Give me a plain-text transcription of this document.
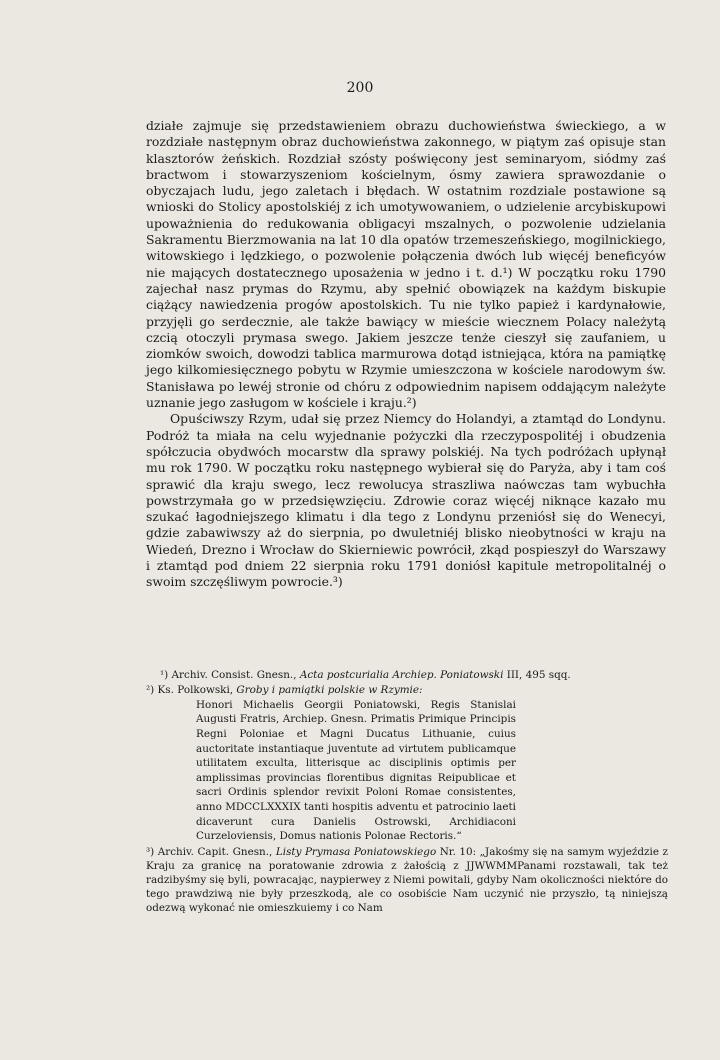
200

działe zajmuje się przedstawieniem obrazu duchowieństwa świeckiego, a w rozdziałe następnym obraz duchowieństwa zakonnego, w piątym zaś opisuje stan klasztorów żeńskich. Rozdział szósty poświęcony jest seminaryom, siódmy zaś bractwom i stowarzyszeniom kościelnym, ósmy zawiera sprawozdanie o obyczajach ludu, jego zaletach i błędach. W ostatnim rozdziale postawione są wnioski do Stolicy apostolskiéj z ich umotywowaniem, o udzielenie arcybiskupowi upoważnienia do redukowania obligacyi mszalnych, o pozwolenie udzielania Sakramentu Bierzmowania na lat 10 dla opatów trzemeszeńskiego, mogilnickiego, witowskiego i lędzkiego, o pozwolenie połączenia dwóch lub więcéj beneficyów nie mających dostatecznego uposażenia w jedno i t. d.¹) W początku roku 1790 zajechał nasz prymas do Rzymu, aby spełnić obowiązek na każdym biskupie ciążący nawiedzenia progów apostolskich. Tu nie tylko papież i kardynałowie, przyjęli go serdecznie, ale także bawiący w mieście wiecznem Polacy należytą czcią otoczyli prymasa swego. Jakiem jeszcze tenże cieszył się zaufaniem, u ziomków swoich, dowodzi tablica marmurowa dotąd istniejąca, która na pamiątkę jego kilkomiesięcznego pobytu w Rzymie umieszczona w kościele narodowym św. Stanisława po lewéj stronie od chóru z odpowiednim napisem oddającym należyte uznanie jego zasługom w kościele i kraju.²)

Opuściwszy Rzym, udał się przez Niemcy do Holandyi, a ztamtąd do Londynu. Podróż ta miała na celu wyjednanie pożyczki dla rzeczypospolitéj i obudzenia spółczucia obydwóch mocarstw dla sprawy polskiéj. Na tych podróżach upłynął mu rok 1790. W początku roku następnego wybierał się do Paryża, aby i tam coś sprawić dla kraju swego, lecz rewolucya straszliwa naówczas tam wybuchła powstrzymała go w przedsięwzięciu. Zdrowie coraz więcéj niknące kazało mu szukać łagodniejszego klimatu i dla tego z Londynu przeniósł się do Wenecyi, gdzie zabawiwszy aż do sierpnia, po dwuletniéj blisko nieobytności w kraju na Wiedeń, Drezno i Wrocław do Skierniewic powrócił, zkąd pospieszył do Warszawy i ztamtąd pod dniem 22 sierpnia roku 1791 doniósł kapitule metropolitalnéj o swoim szczęśliwym powrocie.³)

¹) Archiv. Consist. Gnesn., Acta postcurialia Archiep. Poniatowski III, 495 sqq.
²) Ks. Polkowski, Groby i pamiątki polskie w Rzymie:
Honori Michaelis Georgii Poniatowski, Regis Stanislai Augusti Fratris, Archiep. Gnesn. Primatis Primique Principis Regni Poloniae et Magni Ducatus Lithuanie, cuius auctoritate instantiaque juventute ad virtutem publicamque utilitatem exculta, litterisque ac disciplinis optimis per amplissimas provincias florentibus dignitas Reipublicae et sacri Ordinis splendor revixit Poloni Romae consistentes, anno MDCCLXXXIX tanti hospitis adventu et patrocinio laeti dicaverunt cura Danielis Ostrowski, Archidiaconi Curzeloviensis, Domus nationis Polonae Rectoris.“
³) Archiv. Capit. Gnesn., Listy Prymasa Poniatowskiego Nr. 10: „Jakośmy się na samym wyjeździe z Kraju za granicę na poratowanie zdrowia z żałością z JJWWMMPanami rozstawali, tak też radzibyśmy się byli, powracając, naypierwey z Niemi powitali, gdyby Nam okoliczności niektóre do tego prawdziwą nie były przeszkodą, ale co osobiście Nam uczynić nie przyszło, tą niniejszą odezwą wykonać nie omieszkuiemy i co Nam
